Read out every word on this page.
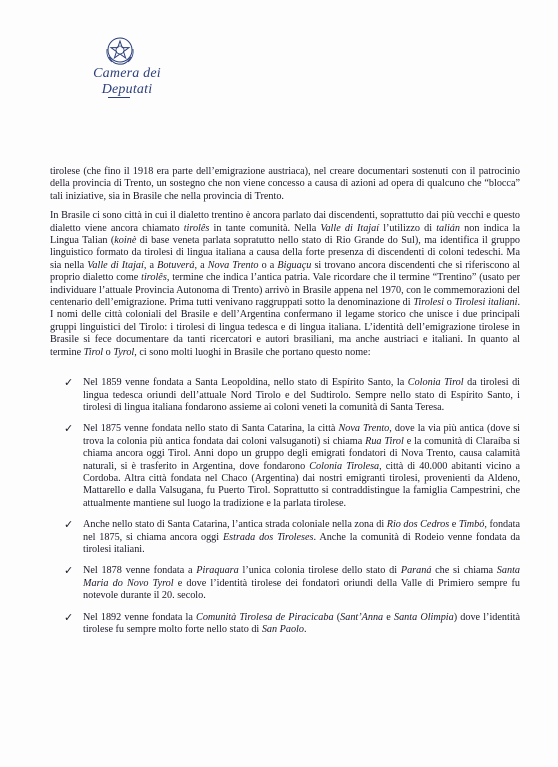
Camera dei Deputati

tirolese (che fino il 1918 era parte dell’emigrazione austriaca), nel creare documentari sostenuti con il patrocinio della provincia di Trento, un sostegno che non viene concesso a causa di azioni ad opera di qualcuno che “blocca” tali iniziative, sia in Brasile che nella provincia di Trento.

In Brasile ci sono città in cui il dialetto trentino è ancora parlato dai discendenti, soprattutto dai più vecchi e questo dialetto viene ancora chiamato tirolês in tante comunità. Nella Valle di Itajaí l’utilizzo di talián non indica la Lingua Talian (koinè di base veneta parlata sopratutto nello stato di Rio Grande do Sul), ma identifica il gruppo linguistico formato da tirolesi di lingua italiana a causa della forte presenza di discendenti di coloni tedeschi. Ma sia nella Valle di Itajaí, a Botuverá, a Nova Trento o a Biguaçu si trovano ancora discendenti che si riferiscono al proprio dialetto come tirolês, termine che indica l’antica patria. Vale ricordare che il termine “Trentino” (usato per individuare l’attuale Provincia Autonoma di Trento) arrivò in Brasile appena nel 1970, con le commemorazioni del centenario dell’emigrazione. Prima tutti venivano raggruppati sotto la denominazione di Tirolesi o Tirolesi italiani. I nomi delle città coloniali del Brasile e dell’Argentina confermano il legame storico che unisce i due principali gruppi linguistici del Tirolo: i tirolesi di lingua tedesca e di lingua italiana. L’identità dell’emigrazione tirolese in Brasile si fece documentare da tanti ricercatori e autori brasiliani, ma anche austriaci e italiani. In quanto al termine Tirol o Tyrol, ci sono molti luoghi in Brasile che portano questo nome:

✓ Nel 1859 venne fondata a Santa Leopoldina, nello stato di Espírito Santo, la Colonia Tirol da tirolesi di lingua tedesca oriundi dell’attuale Nord Tirolo e del Sudtirolo. Sempre nello stato di Espírito Santo, i tirolesi di lingua italiana fondarono assieme ai coloni veneti la comunità di Santa Teresa.
✓ Nel 1875 venne fondata nello stato di Santa Catarina, la città Nova Trento, dove la via più antica (dove si trova la colonia più antica fondata dai coloni valsuganoti) si chiama Rua Tirol e la comunità di Claraíba si chiama ancora oggi Tirol. Anni dopo un gruppo degli emigrati fondatori di Nova Trento, causa calamità naturali, si è trasferito in Argentina, dove fondarono Colonia Tirolesa, città di 40.000 abitanti vicino a Cordoba. Altra città fondata nel Chaco (Argentina) dai nostri emigranti tirolesi, provenienti da Aldeno, Mattarello e dalla Valsugana, fu Puerto Tirol. Soprattutto si contraddistingue la famiglia Campestrini, che attualmente mantiene sul luogo la tradizione e la parlata tirolese.
✓ Anche nello stato di Santa Catarina, l’antica strada coloniale nella zona di Rio dos Cedros e Timbó, fondata nel 1875, si chiama ancora oggi Estrada dos Tiroleses. Anche la comunità di Rodeio venne fondata da tirolesi italiani.
✓ Nel 1878 venne fondata a Piraquara l’unica colonia tirolese dello stato di Paraná che si chiama Santa Maria do Novo Tyrol e dove l’identità tirolese dei fondatori oriundi della Valle di Primiero sempre fu notevole durante il 20. secolo.
✓ Nel 1892 venne fondata la Comunità Tirolesa de Piracicaba (Sant’Anna e Santa Olimpia) dove l’identità tirolese fu sempre molto forte nello stato di San Paolo.
